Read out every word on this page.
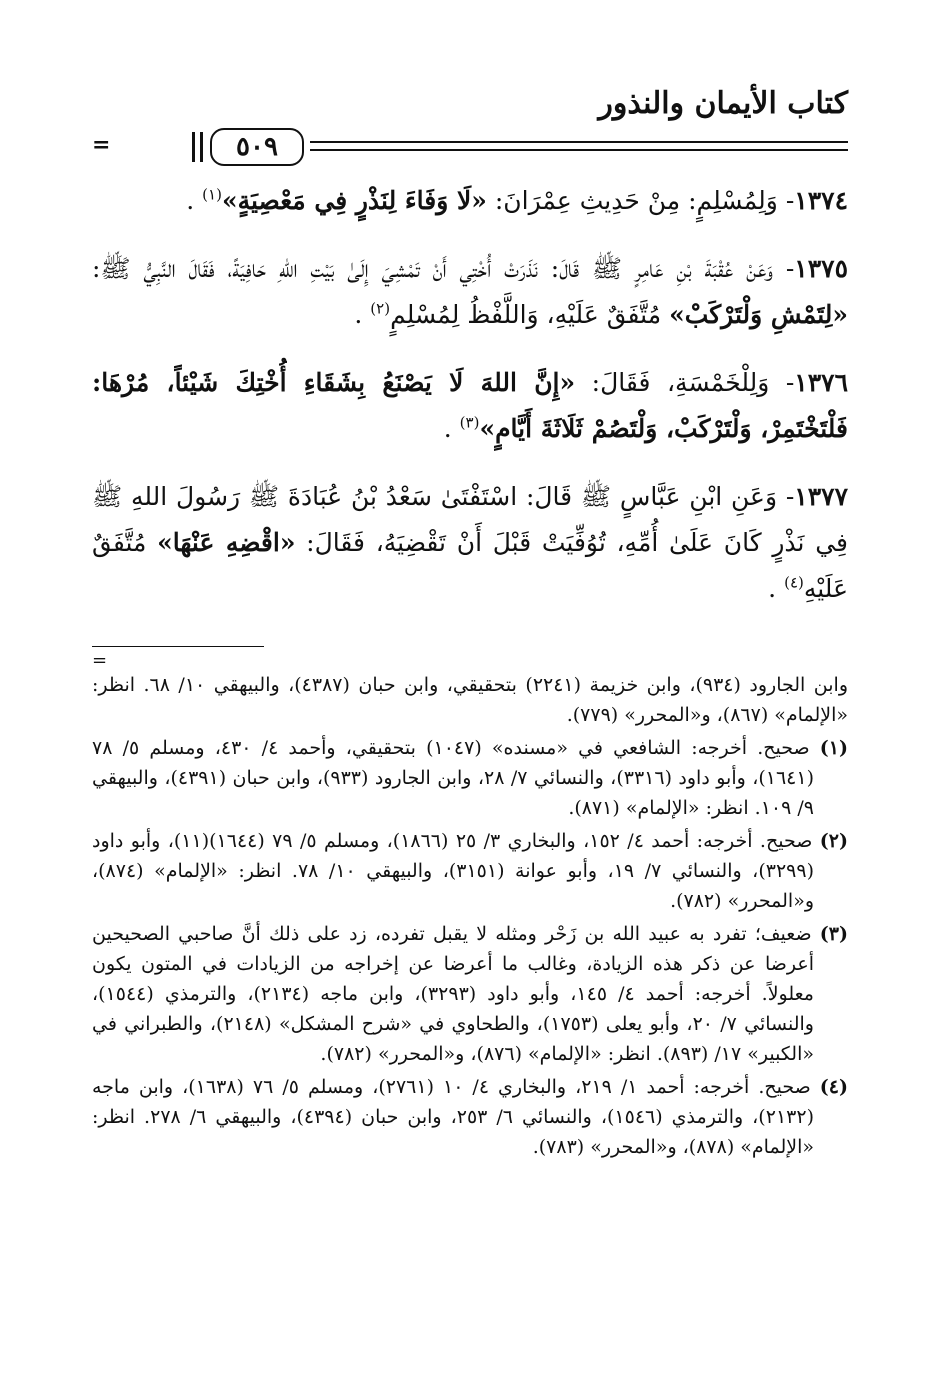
كتاب الأيمان والنذور
=	٥٠٩

١٣٧٤- وَلِمُسْلِمٍ: مِنْ حَدِيثِ عِمْرَانَ: «لَا وَفَاءَ لِنَذْرٍ فِي مَعْصِيَةٍ»$^{(١)}$ .

١٣٧٥- وَعَنْ عُقْبَةَ بْنِ عَامِرٍ ﷺ قَالَ: نَذَرَتْ أُخْتِي أَنْ تَمْشِيَ إِلَىٰ بَيْتِ اللهِ حَافِيَةً، فَقَالَ النَّبِيُّ ﷺ: «لِتَمْشِ وَلْتَرْكَبْ» مُتَّفَقٌ عَلَيْهِ، وَاللَّفْظُ لِمُسْلِمٍ$^{(٢)}$ .

١٣٧٦- وَلِلْخَمْسَةِ، فَقَالَ: «إِنَّ اللهَ لَا يَصْنَعُ بِشَقَاءِ أُخْتِكَ شَيْئاً، مُرْهَا: فَلْتَخْتَمِرْ، وَلْتَرْكَبْ، وَلْتَصُمْ ثَلَاثَةَ أَيَّامٍ»$^{(٣)}$ .

١٣٧٧- وَعَنِ ابْنِ عَبَّاسٍ ﷺ قَالَ: اسْتَفْتَىٰ سَعْدُ بْنُ عُبَادَةَ ﷺ رَسُولَ اللهِ ﷺ فِي نَذْرٍ كَانَ عَلَىٰ أُمِّهِ، تُوُفِّيَتْ قَبْلَ أَنْ تَقْضِيَهُ، فَقَالَ: «اقْضِهِ عَنْهَا» مُتَّفَقٌ عَلَيْهِ$^{(٤)}$ .

=

وابن الجارود (٩٣٤)، وابن خزيمة (٢٢٤١) بتحقيقي، وابن حبان (٤٣٨٧)، والبيهقي ١٠/ ٦٨. انظر: «الإلمام» (٨٦٧)، و«المحرر» (٧٧٩).

(١) صحيح. أخرجه: الشافعي في «مسنده» (١٠٤٧) بتحقيقي، وأحمد ٤/ ٤٣٠، ومسلم ٥/ ٧٨ (١٦٤١)، وأبو داود (٣٣١٦)، والنسائي ٧/ ٢٨، وابن الجارود (٩٣٣)، وابن حبان (٤٣٩١)، والبيهقي ٩/ ١٠٩. انظر: «الإلمام» (٨٧١).

(٢) صحيح. أخرجه: أحمد ٤/ ١٥٢، والبخاري ٣/ ٢٥ (١٨٦٦)، ومسلم ٥/ ٧٩ (١٦٤٤)(١١)، وأبو داود (٣٢٩٩)، والنسائي ٧/ ١٩، وأبو عوانة (٣١٥١)، والبيهقي ١٠/ ٧٨. انظر: «الإلمام» (٨٧٤)، و«المحرر» (٧٨٢).

(٣) ضعيف؛ تفرد به عبيد الله بن زَحْر ومثله لا يقبل تفرده، زد على ذلك أنَّ صاحبي الصحيحين أعرضا عن ذكر هذه الزيادة، وغالب ما أعرضا عن إخراجه من الزيادات في المتون يكون معلولاً. أخرجه: أحمد ٤/ ١٤٥، وأبو داود (٣٢٩٣)، وابن ماجه (٢١٣٤)، والترمذي (١٥٤٤)، والنسائي ٧/ ٢٠، وأبو يعلى (١٧٥٣)، والطحاوي في «شرح المشكل» (٢١٤٨)، والطبراني في «الكبير» ١٧/ (٨٩٣). انظر: «الإلمام» (٨٧٦)، و«المحرر» (٧٨٢).

(٤) صحيح. أخرجه: أحمد ١/ ٢١٩، والبخاري ٤/ ١٠ (٢٧٦١)، ومسلم ٥/ ٧٦ (١٦٣٨)، وابن ماجه (٢١٣٢)، والترمذي (١٥٤٦)، والنسائي ٦/ ٢٥٣، وابن حبان (٤٣٩٤)، والبيهقي ٦/ ٢٧٨. انظر: «الإلمام» (٨٧٨)، و«المحرر» (٧٨٣).
